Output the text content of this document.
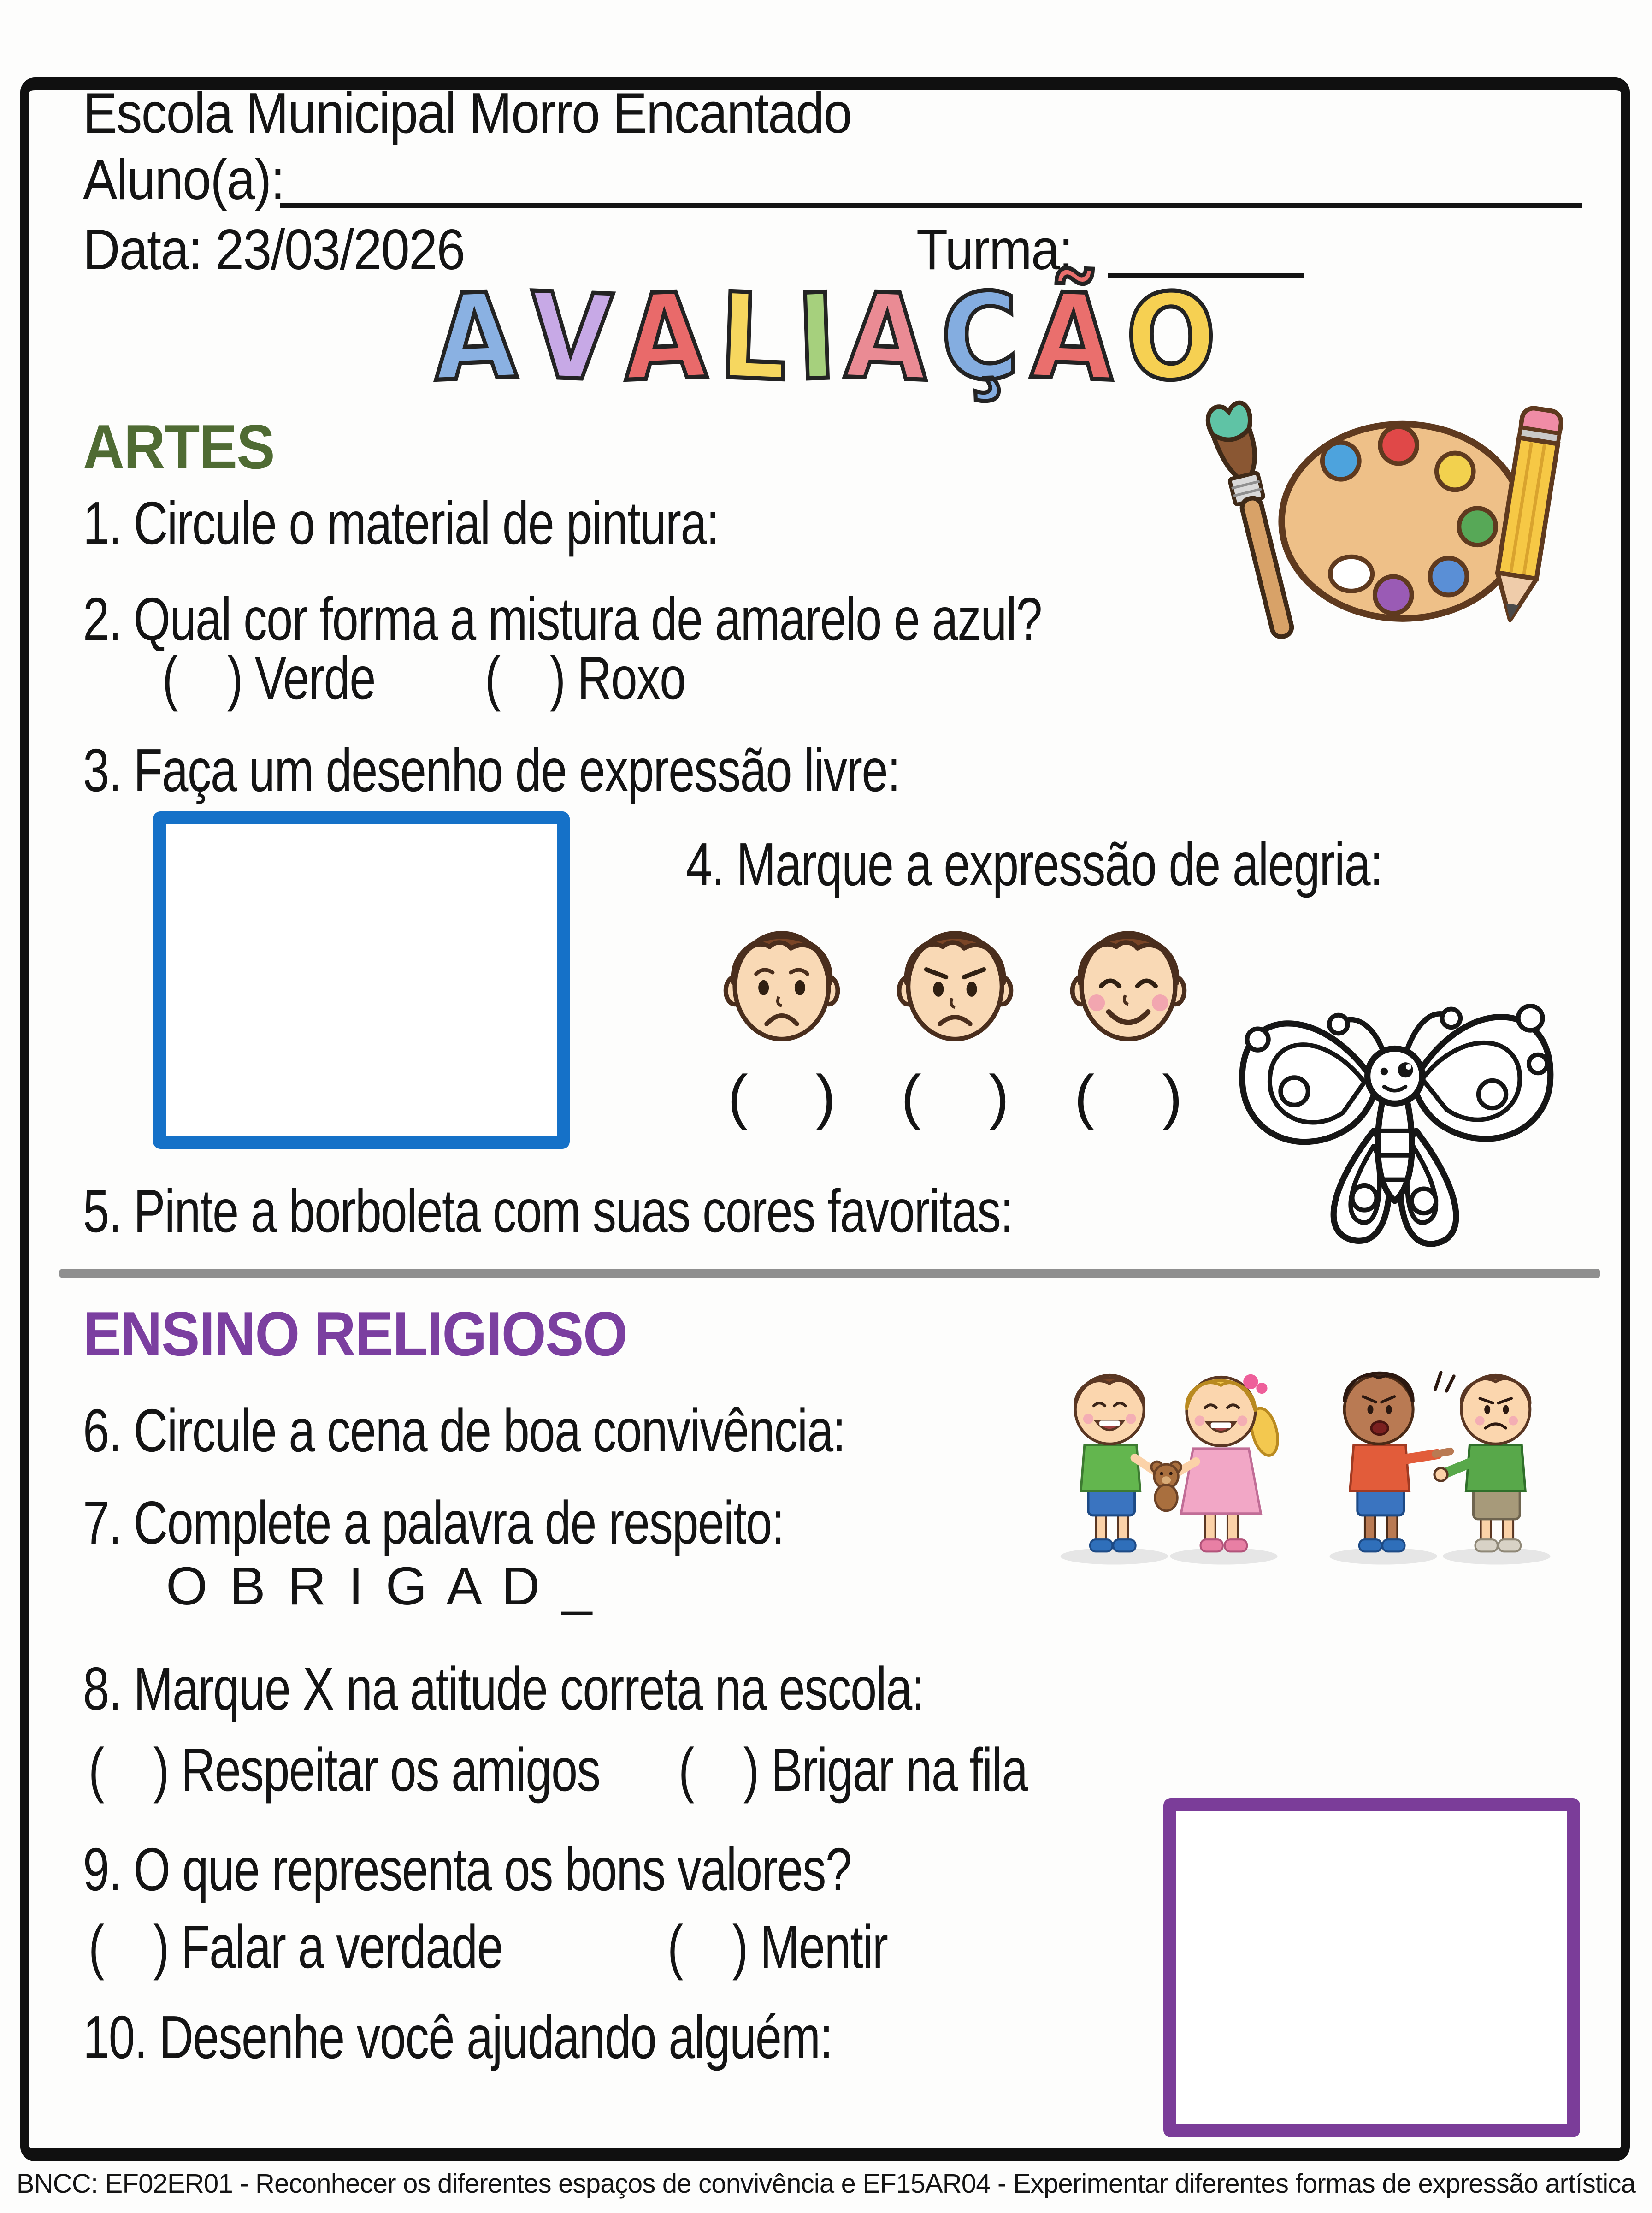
Escola Municipal Morro Encantado
Aluno(a):
Data: 23/03/2026	Turma:
A V A L I A Ç Ã O
ARTES
1. Circule o material de pintura:
2. Qual cor forma a mistura de amarelo e azul?
(    ) Verde	(    ) Roxo
3. Faça um desenho de expressão livre:
4. Marque a expressão de alegria:
(    )	(    )	(    )
5. Pinte a borboleta com suas cores favoritas:
ENSINO RELIGIOSO
6. Circule a cena de boa convivência:
7. Complete a palavra de respeito:
O B R I G A D _
8. Marque X na atitude correta na escola:
(    ) Respeitar os amigos	(    ) Brigar na fila
9. O que representa os bons valores?
(    ) Falar a verdade	(    ) Mentir
10. Desenhe você ajudando alguém:
BNCC: EF02ER01 - Reconhecer os diferentes espaços de convivência e EF15AR04 - Experimentar diferentes formas de expressão artística
